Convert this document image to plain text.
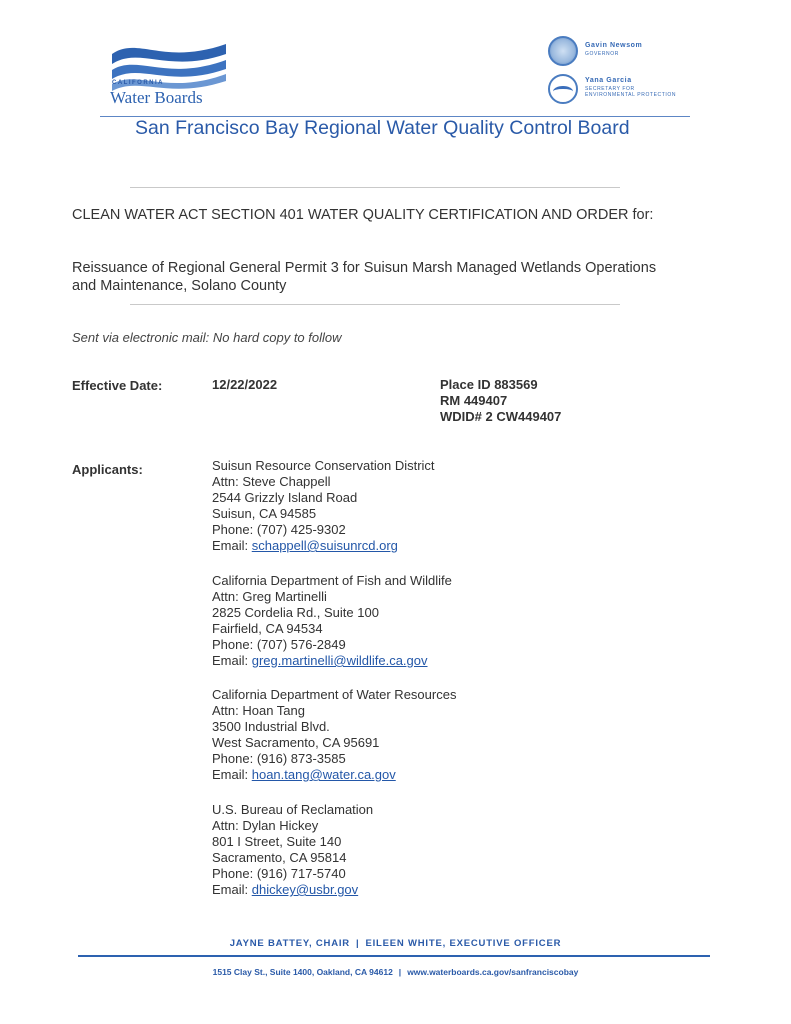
CALIFORNIA
Water Boards
Gavin Newsom
GOVERNOR
Yana Garcia
SECRETARY FOR ENVIRONMENTAL PROTECTION
San Francisco Bay Regional Water Quality Control Board
CLEAN WATER ACT SECTION 401 WATER QUALITY CERTIFICATION AND ORDER for:
Reissuance of Regional General Permit 3 for Suisun Marsh Managed Wetlands Operations and Maintenance, Solano County
Sent via electronic mail: No hard copy to follow
Effective Date:	12/22/2022	Place ID 883569
RM 449407
WDID# 2 CW449407
Applicants:	Suisun Resource Conservation District
Attn: Steve Chappell
2544 Grizzly Island Road
Suisun, CA 94585
Phone: (707) 425-9302
Email: schappell@suisunrcd.org
California Department of Fish and Wildlife
Attn: Greg Martinelli
2825 Cordelia Rd., Suite 100
Fairfield, CA 94534
Phone: (707) 576-2849
Email: greg.martinelli@wildlife.ca.gov
California Department of Water Resources
Attn: Hoan Tang
3500 Industrial Blvd.
West Sacramento, CA 95691
Phone: (916) 873-3585
Email: hoan.tang@water.ca.gov
U.S. Bureau of Reclamation
Attn: Dylan Hickey
801 I Street, Suite 140
Sacramento, CA 95814
Phone: (916) 717-5740
Email: dhickey@usbr.gov
JAYNE BATTEY, CHAIR | EILEEN WHITE, EXECUTIVE OFFICER
1515 Clay St., Suite 1400, Oakland, CA 94612 | www.waterboards.ca.gov/sanfranciscobay
